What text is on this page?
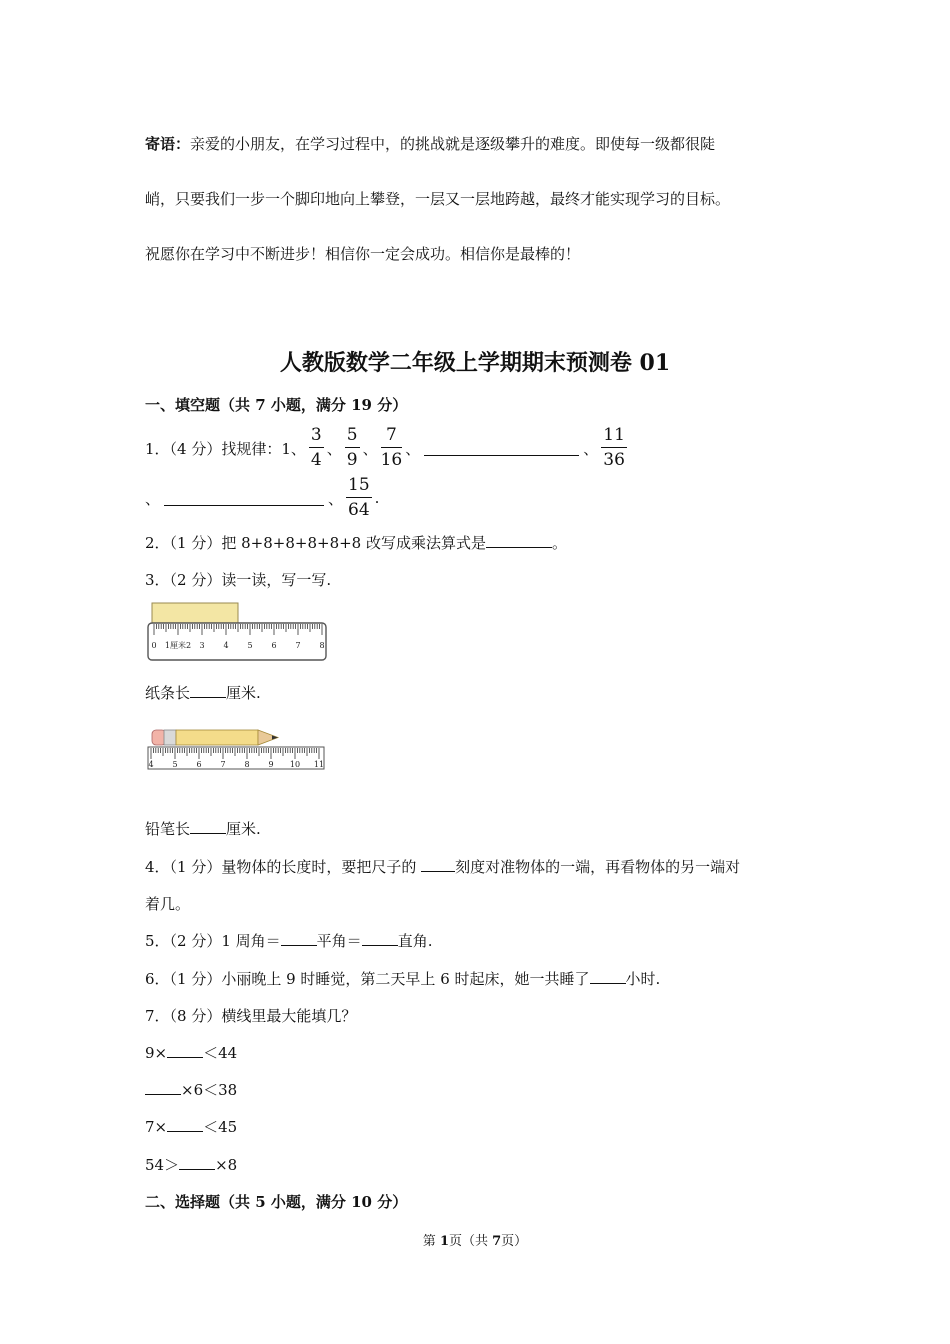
寄语：亲爱的小朋友，在学习过程中，的挑战就是逐级攀升的难度。即使每一级都很陡
峭，只要我们一步一个脚印地向上攀登，一层又一层地跨越，最终才能实现学习的目标。
祝愿你在学习中不断进步！相信你一定会成功。相信你是最棒的！
人教版数学二年级上学期期末预测卷 01
一、填空题（共 7 小题，满分 19 分）
1．（4 分）找规律：1、 $\frac{3}{4}$ 、 $\frac{5}{9}$ 、 $\frac{7}{16}$ 、	、 $\frac{11}{36}$
、	、 $\frac{15}{64}$ .
2．（1 分）把 8+8+8+8+8+8 改写成乘法算式是	。
3．（2 分）读一读，写一写.
0 1厘米2 3 4 5 6 7 8
纸条长 厘米.
4 5 6 7 8 9 10 11
铅笔长 厘米.
4．（1 分）量物体的长度时，要把尺子的 刻度对准物体的一端，再看物体的另一端对
着几。
5．（2 分）1 周角＝ 平角＝ 直角.
6．（1 分）小丽晚上 9 时睡觉，第二天早上 6 时起床，她一共睡了 小时.
7．（8 分）横线里最大能填几？
9× ＜44
×6＜38
7× ＜45
54＞ ×8
二、选择题（共 5 小题，满分 10 分）
第 1页（共 7页）
